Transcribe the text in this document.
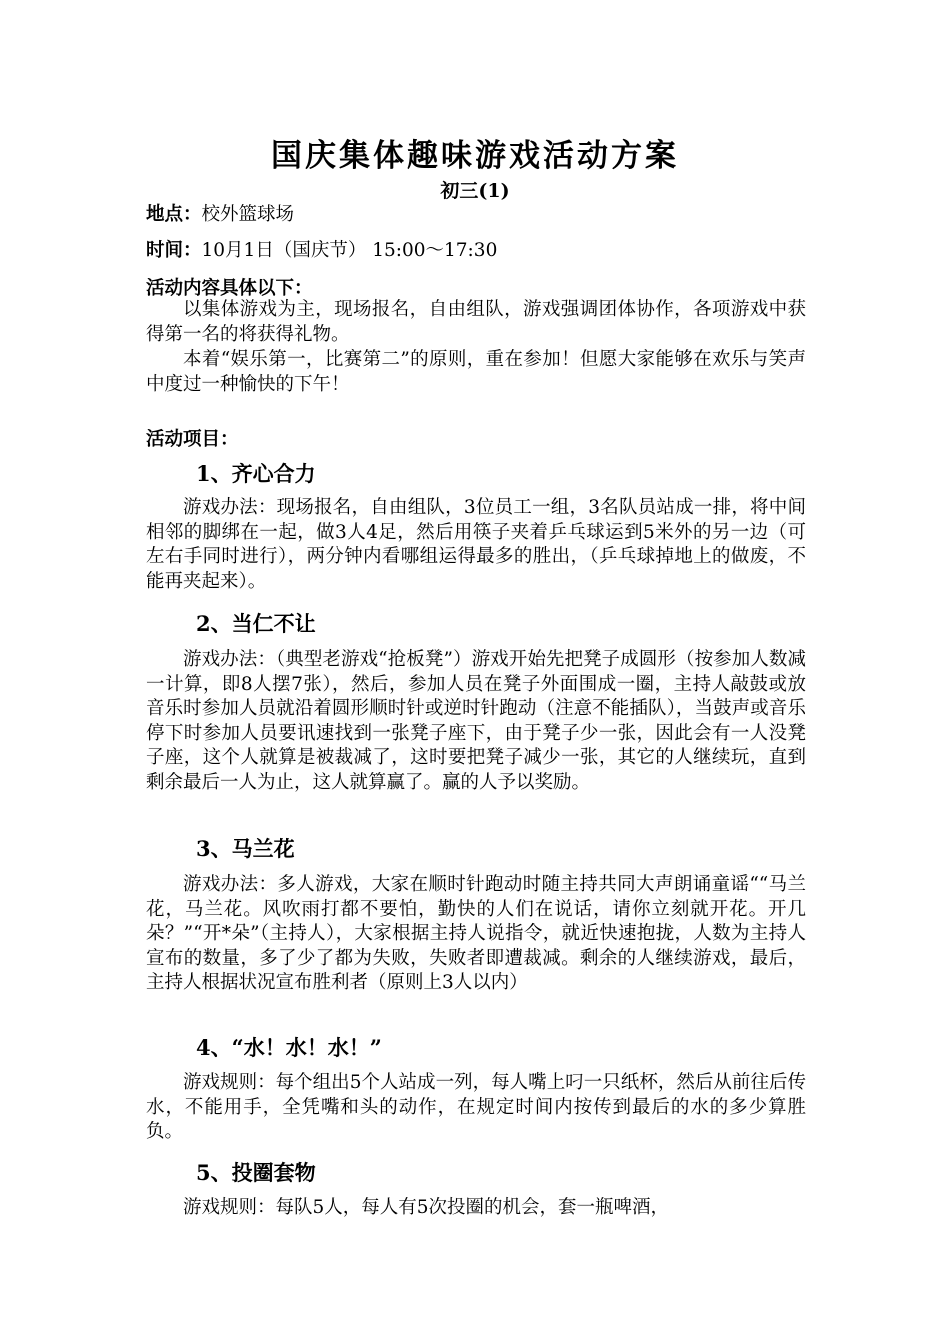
国庆集体趣味游戏活动方案
初三(1)
地点：校外篮球场
时间：10月1日（国庆节） 15:00～17:30
活动内容具体以下：

以集体游戏为主，现场报名，自由组队，游戏强调团体协作，各项游戏中获得第一名的将获得礼物。

本着“娱乐第一，比赛第二”的原则，重在参加！但愿大家能够在欢乐与笑声中度过一种愉快的下午！

活动项目：
1、齐心合力

游戏办法：现场报名，自由组队，3位员工一组，3名队员站成一排，将中间相邻的脚绑在一起，做3人4足，然后用筷子夹着乒乓球运到5米外的另一边（可左右手同时进行），两分钟内看哪组运得最多的胜出，（乒乓球掉地上的做废，不能再夹起来）。

2、当仁不让

游戏办法：（典型老游戏“抢板凳”）游戏开始先把凳子成圆形（按参加人数减一计算，即8人摆7张），然后，参加人员在凳子外面围成一圈，主持人敲鼓或放音乐时参加人员就沿着圆形顺时针或逆时针跑动（注意不能插队），当鼓声或音乐停下时参加人员要讯速找到一张凳子座下，由于凳子少一张，因此会有一人没凳子座，这个人就算是被裁减了，这时要把凳子减少一张，其它的人继续玩，直到剩余最后一人为止，这人就算赢了。赢的人予以奖励。

3、马兰花

游戏办法：多人游戏，大家在顺时针跑动时随主持共同大声朗诵童谣““马兰花，马兰花。风吹雨打都不要怕，勤快的人们在说话，请你立刻就开花。开几朵？”“开*朵”（主持人），大家根据主持人说指令，就近快速抱拢，人数为主持人宣布的数量，多了少了都为失败，失败者即遭裁减。剩余的人继续游戏，最后，主持人根据状况宣布胜利者（原则上3人以内）

4、“水！水！水！”

游戏规则：每个组出5个人站成一列，每人嘴上叼一只纸杯，然后从前往后传水，不能用手，全凭嘴和头的动作，在规定时间内按传到最后的水的多少算胜负。

5、投圈套物

游戏规则：每队5人，每人有5次投圈的机会，套一瓶啤酒，
